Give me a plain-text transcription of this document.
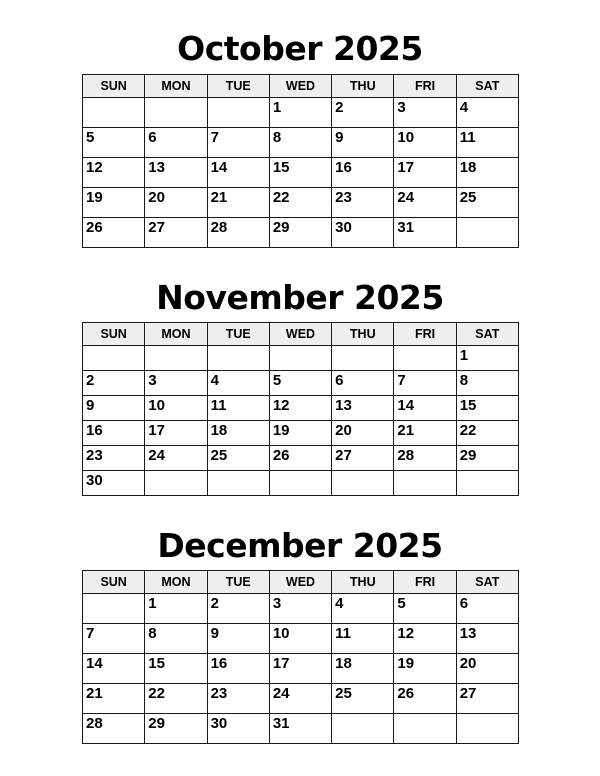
October 2025
SUN	MON	TUE	WED	THU	FRI	SAT

			1	2	3	4

5	6	7	8	9	10	11

12	13	14	15	16	17	18

19	20	21	22	23	24	25

26	27	28	29	30	31	

November 2025
SUN	MON	TUE	WED	THU	FRI	SAT

						1

2	3	4	5	6	7	8

9	10	11	12	13	14	15

16	17	18	19	20	21	22

23	24	25	26	27	28	29

30						

December 2025
SUN	MON	TUE	WED	THU	FRI	SAT

	1	2	3	4	5	6

7	8	9	10	11	12	13

14	15	16	17	18	19	20

21	22	23	24	25	26	27

28	29	30	31			
